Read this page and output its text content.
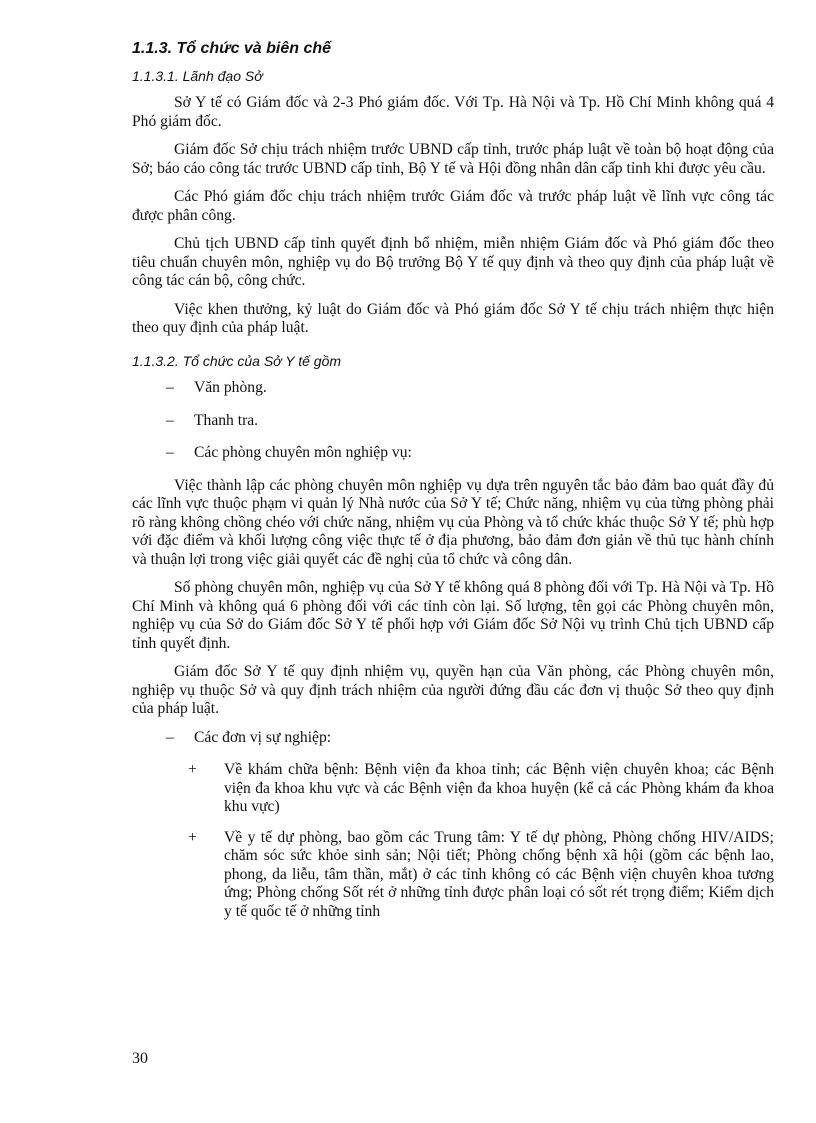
1.1.3. Tổ chức và biên chế
1.1.3.1. Lãnh đạo Sở

Sở Y tế có Giám đốc và 2-3 Phó giám đốc. Với Tp. Hà Nội và Tp. Hồ Chí Minh không quá 4 Phó giám đốc.

Giám đốc Sở chịu trách nhiệm trước UBND cấp tỉnh, trước pháp luật về toàn bộ hoạt động của Sở; báo cáo công tác trước UBND cấp tỉnh, Bộ Y tế và Hội đồng nhân dân cấp tỉnh khi được yêu cầu.

Các Phó giám đốc chịu trách nhiệm trước Giám đốc và trước pháp luật về lĩnh vực công tác được phân công.

Chủ tịch UBND cấp tỉnh quyết định bổ nhiệm, miễn nhiệm Giám đốc và Phó giám đốc theo tiêu chuẩn chuyên môn, nghiệp vụ do Bộ trưởng Bộ Y tế quy định và theo quy định của pháp luật về công tác cán bộ, công chức.

Việc khen thưởng, kỷ luật do Giám đốc và Phó giám đốc Sở Y tế chịu trách nhiệm thực hiện theo quy định của pháp luật.

1.1.3.2. Tổ chức của Sở Y tế gồm
– Văn phòng.
– Thanh tra.
– Các phòng chuyên môn nghiệp vụ:

Việc thành lập các phòng chuyên môn nghiệp vụ dựa trên nguyên tắc bảo đảm bao quát đầy đủ các lĩnh vực thuộc phạm vi quản lý Nhà nước của Sở Y tế; Chức năng, nhiệm vụ của từng phòng phải rõ ràng không chồng chéo với chức năng, nhiệm vụ của Phòng và tổ chức khác thuộc Sở Y tế; phù hợp với đặc điểm và khối lượng công việc thực tế ở địa phương, bảo đảm đơn giản về thủ tục hành chính và thuận lợi trong việc giải quyết các đề nghị của tổ chức và công dân.

Số phòng chuyên môn, nghiệp vụ của Sở Y tế không quá 8 phòng đối với Tp. Hà Nội và Tp. Hồ Chí Minh và không quá 6 phòng đối với các tỉnh còn lại. Số lượng, tên gọi các Phòng chuyên môn, nghiệp vụ của Sở do Giám đốc Sở Y tế phối hợp với Giám đốc Sở Nội vụ trình Chủ tịch UBND cấp tỉnh quyết định.

Giám đốc Sở Y tế quy định nhiệm vụ, quyền hạn của Văn phòng, các Phòng chuyên môn, nghiệp vụ thuộc Sở và quy định trách nhiệm của người đứng đầu các đơn vị thuộc Sở theo quy định của pháp luật.

– Các đơn vị sự nghiệp:
+ Về khám chữa bệnh: Bệnh viện đa khoa tỉnh; các Bệnh viện chuyên khoa; các Bệnh viện đa khoa khu vực và các Bệnh viện đa khoa huyện (kể cả các Phòng khám đa khoa khu vực)
+ Về y tế dự phòng, bao gồm các Trung tâm: Y tế dự phòng, Phòng chống HIV/AIDS; chăm sóc sức khỏe sinh sản; Nội tiết; Phòng chống bệnh xã hội (gồm các bệnh lao, phong, da liễu, tâm thần, mắt) ở các tỉnh không có các Bệnh viện chuyên khoa tương ứng; Phòng chống Sốt rét ở những tỉnh được phân loại có sốt rét trọng điểm; Kiểm dịch y tế quốc tế ở những tỉnh
30
